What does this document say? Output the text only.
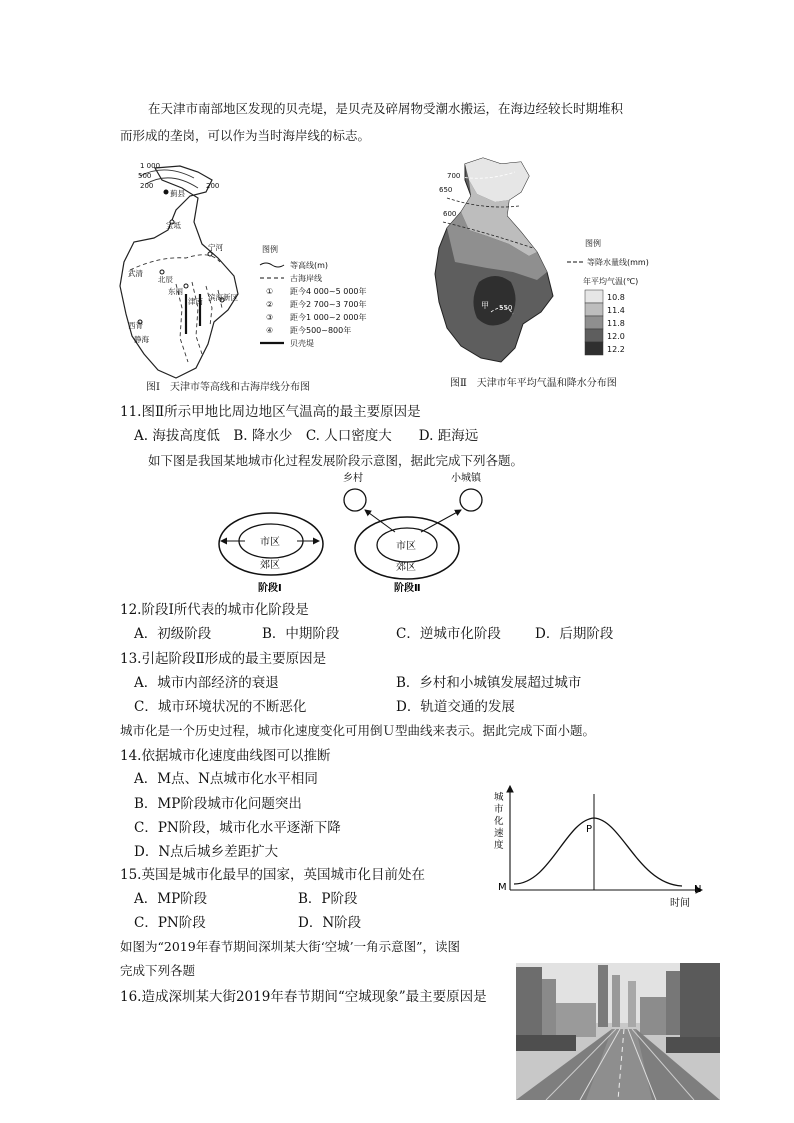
在天津市南部地区发现的贝壳堤，是贝壳及碎屑物受潮水搬运，在海边经较长时期堆积
而形成的垄岗，可以作为当时海岸线的标志。
1 000
500
200	200
蓟县
宝坻
宁河
武清
北辰
东丽
西青
津南 滨海新区
静海
图例
等高线(m)
古海岸线
① 距今4 000~5 000年
② 距今2 700~3 700年
③ 距今1 000~2 000年
④ 距今500~800年
贝壳堤
图Ⅰ　天津市等高线和古海岸线分布图
700
650
600
550
甲
图例
等降水量线(mm)
年平均气温(℃)
10.8
11.4
11.8
12.0
12.2
图Ⅱ　天津市年平均气温和降水分布图
11.图Ⅱ所示甲地比周边地区气温高的最主要原因是
A. 海拔高度低　B. 降水少　C. 人口密度大　　D. 距海远
如下图是我国某地城市化过程发展阶段示意图，据此完成下列各题。
乡村	小城镇
市区
郊区
市区
郊区
阶段Ⅰ	阶段Ⅱ
12.阶段Ⅰ所代表的城市化阶段是
A．初级阶段	B．中期阶段	C．逆城市化阶段	D．后期阶段
13.引起阶段Ⅱ形成的最主要原因是
A．城市内部经济的衰退	B．乡村和小城镇发展超过城市
C．城市环境状况的不断恶化	D．轨道交通的发展
城市化是一个历史过程，城市化速度变化可用倒Ｕ型曲线来表示。据此完成下面小题。
14.依据城市化速度曲线图可以推断
A．M点、N点城市化水平相同
B．MP阶段城市化问题突出
C．PN阶段，城市化水平逐渐下降
D．N点后城乡差距扩大
城市化速度
M
P
N
时间
15.英国是城市化最早的国家，英国城市化目前处在
A．MP阶段	B．P阶段
C．PN阶段	D．N阶段
如图为“2019年春节期间深圳某大街‘空城’一角示意图”，读图
完成下列各题
16.造成深圳某大街2019年春节期间“空城现象”最主要原因是
